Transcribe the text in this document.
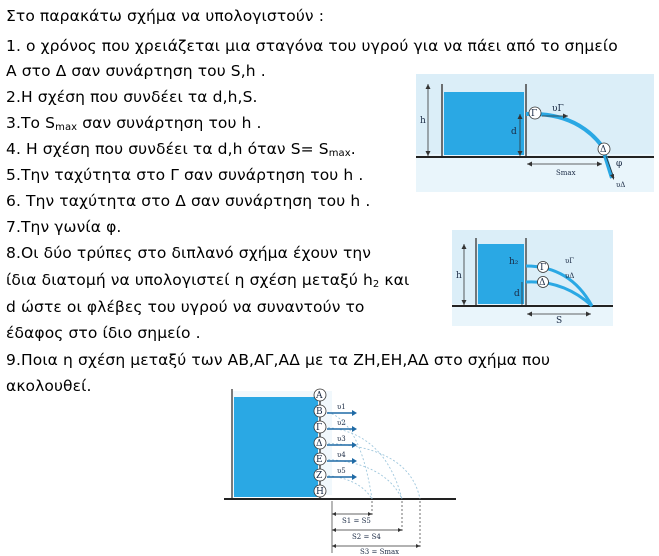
Στο παρακάτω σχήμα να υπολογιστούν :
1. ο χρόνος που χρειάζεται μια σταγόνα του υγρού για να πάει από το σημείο
Α στο Δ σαν συνάρτηση του S,h .
2.Η σχέση που συνδέει τα d,h,S.
3.Το $S_{max}$ σαν συνάρτηση του h .
4. Η σχέση που συνδέει τα d,h όταν $S= S_{max}$.
5.Την ταχύτητα στο Γ σαν συνάρτηση του h .
6. Την ταχύτητα στο Δ σαν συνάρτηση του h .
7.Την γωνία φ.
8.Οι δύο τρύπες στο διπλανό σχήμα έχουν την
ίδια διατομή να υπολογιστεί η σχέση μεταξύ $h_2$ και
d ώστε οι φλέβες του υγρού να συναντούν το
έδαφος στο ίδιο σημείο .
9.Ποια η σχέση μεταξύ των ΑΒ,ΑΓ,ΑΔ με τα ΖΗ,ΕΗ,ΑΔ στο σχήμα που
ακολουθεί.
h
d
Γ υΓ
Δ
φ
υΔ
Smax
h
h₂
d
Γ
Δ
υΓ
υΔ
S
Α
Β
Γ
Δ
Ε
Ζ
Η
υ1
υ2
υ3
υ4
υ5
S1 = S5
S2 = S4
S3 = Smax
